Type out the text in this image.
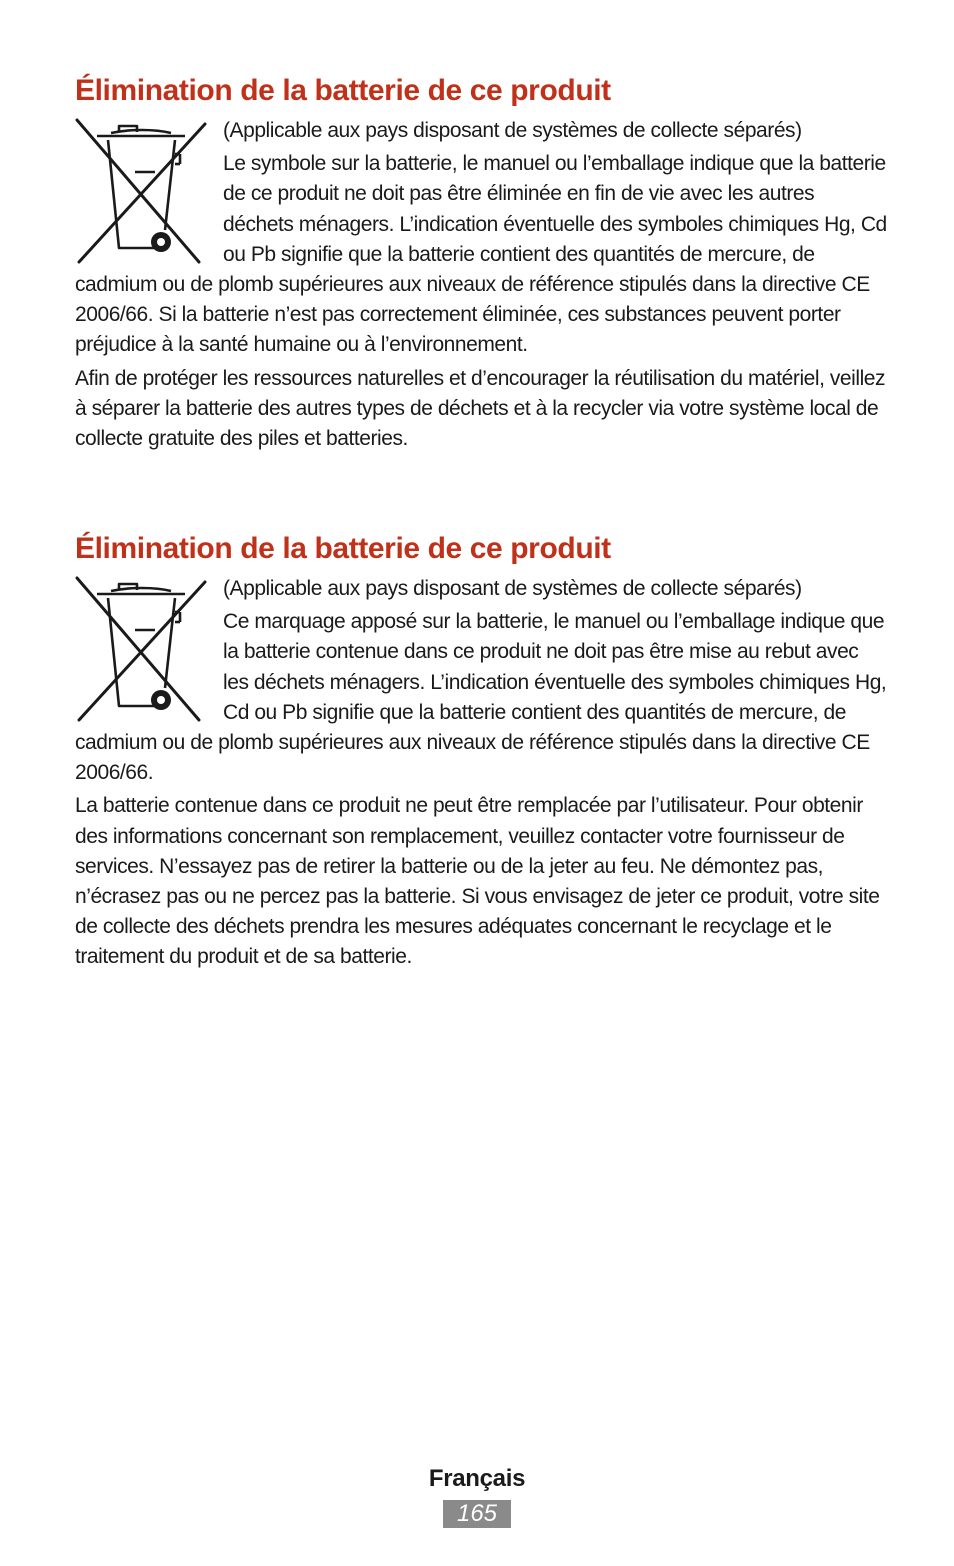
Élimination de la batterie de ce produit

(Applicable aux pays disposant de systèmes de collecte séparés)

Le symbole sur la batterie, le manuel ou l’emballage indique que la batterie de ce produit ne doit pas être éliminée en fin de vie avec les autres déchets ménagers. L’indication éventuelle des symboles chimiques Hg, Cd ou Pb signifie que la batterie contient des quantités de mercure, de cadmium ou de plomb supérieures aux niveaux de référence stipulés dans la directive CE 2006/66. Si la batterie n’est pas correctement éliminée, ces substances peuvent porter préjudice à la santé humaine ou à l’environnement.

Afin de protéger les ressources naturelles et d’encourager la réutilisation du matériel, veillez à séparer la batterie des autres types de déchets et à la recycler via votre système local de collecte gratuite des piles et batteries.

Élimination de la batterie de ce produit

(Applicable aux pays disposant de systèmes de collecte séparés)

Ce marquage apposé sur la batterie, le manuel ou l’emballage indique que la batterie contenue dans ce produit ne doit pas être mise au rebut avec les déchets ménagers. L’indication éventuelle des symboles chimiques Hg, Cd ou Pb signifie que la batterie contient des quantités de mercure, de cadmium ou de plomb supérieures aux niveaux de référence stipulés dans la directive CE 2006/66.

La batterie contenue dans ce produit ne peut être remplacée par l’utilisateur. Pour obtenir des informations concernant son remplacement, veuillez contacter votre fournisseur de services. N’essayez pas de retirer la batterie ou de la jeter au feu. Ne démontez pas, n’écrasez pas ou ne percez pas la batterie. Si vous envisagez de jeter ce produit, votre site de collecte des déchets prendra les mesures adéquates concernant le recyclage et le traitement du produit et de sa batterie.

Français
165
